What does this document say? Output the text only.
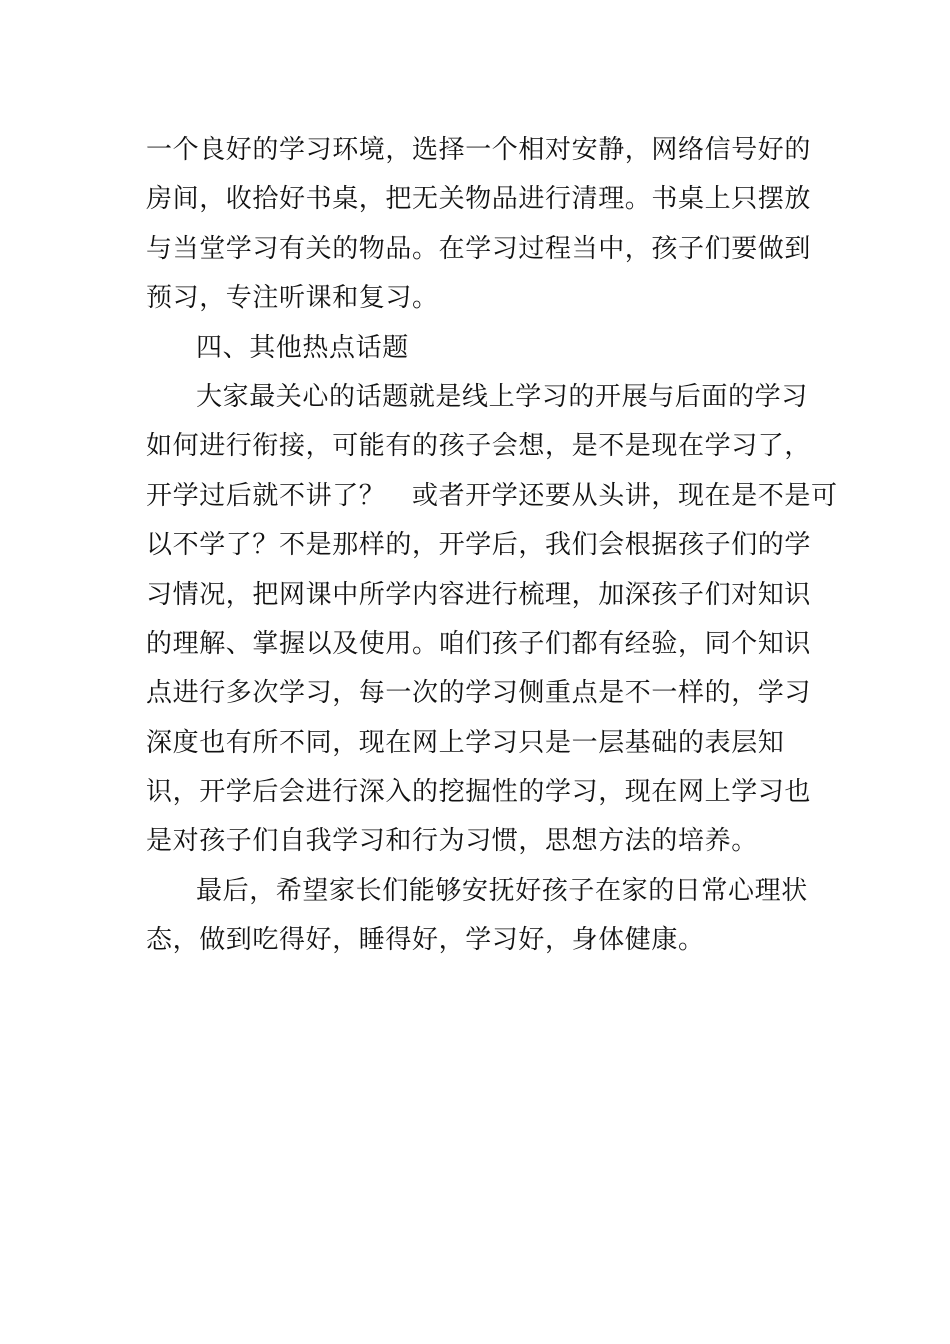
一个良好的学习环境，选择一个相对安静，网络信号好的
房间，收拾好书桌，把无关物品进行清理。书桌上只摆放
与当堂学习有关的物品。在学习过程当中，孩子们要做到
预习，专注听课和复习。
四、其他热点话题
大家最关心的话题就是线上学习的开展与后面的学习
如何进行衔接，可能有的孩子会想，是不是现在学习了，
开学过后就不讲了？　或者开学还要从头讲，现在是不是可
以不学了？不是那样的，开学后，我们会根据孩子们的学
习情况，把网课中所学内容进行梳理，加深孩子们对知识
的理解、掌握以及使用。咱们孩子们都有经验，同个知识
点进行多次学习，每一次的学习侧重点是不一样的，学习
深度也有所不同，现在网上学习只是一层基础的表层知
识，开学后会进行深入的挖掘性的学习，现在网上学习也
是对孩子们自我学习和行为习惯，思想方法的培养。
最后，希望家长们能够安抚好孩子在家的日常心理状
态，做到吃得好，睡得好，学习好，身体健康。
